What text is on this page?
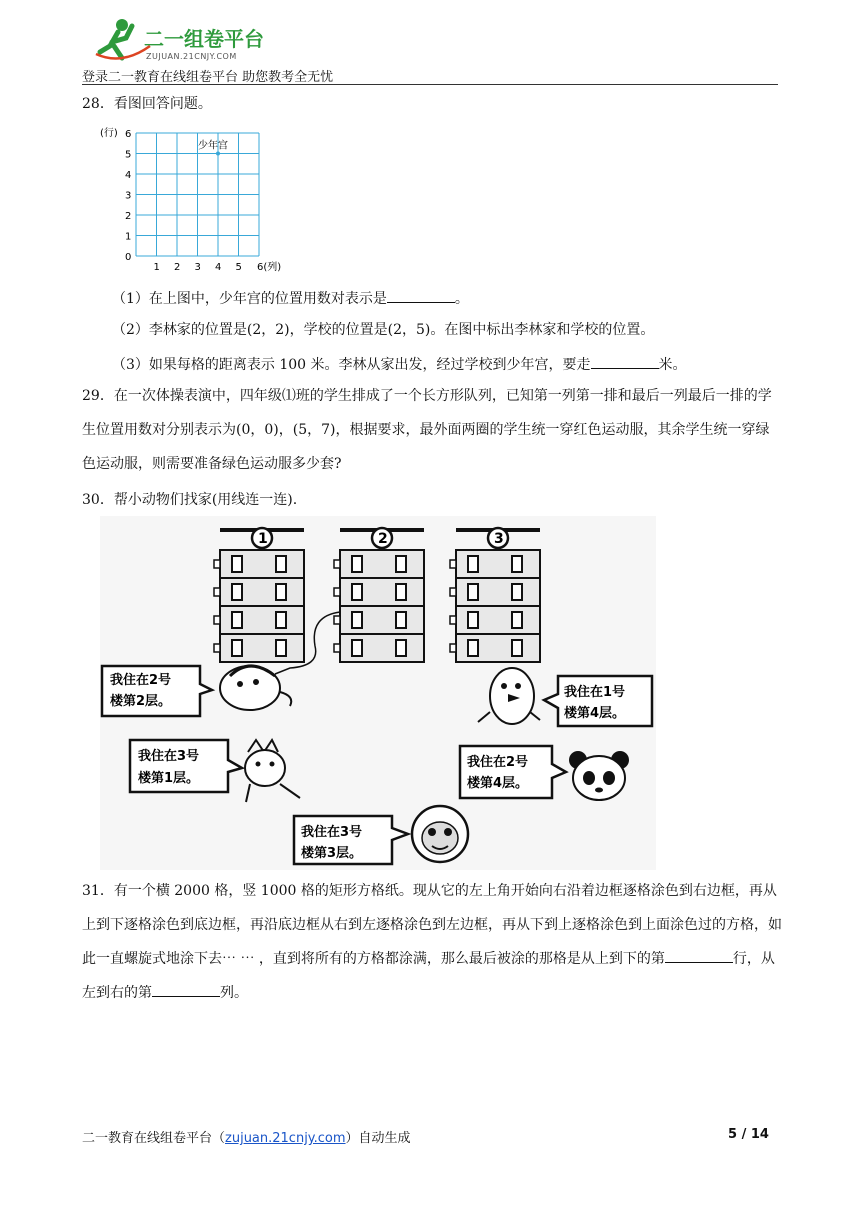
二一组卷平台
ZUJUAN.21CNJY.COM
登录二一教育在线组卷平台 助您教考全无忧
28．看图回答问题。
(行) 6
5
4
3
2
1
0
1 2 3 4 5 6(列)
少年宫
（1）在上图中，少年宫的位置用数对表示是	。
（2）李林家的位置是(2，2)，学校的位置是(2，5)。在图中标出李林家和学校的位置。
（3）如果每格的距离表示 100 米。李林从家出发，经过学校到少年宫，要走	米。
29．在一次体操表演中，四年级⑴班的学生排成了一个长方形队列，已知第一列第一排和最后一列最后一排的学生位置用数对分别表示为(0，0)，(5，7)，根据要求，最外面两圈的学生统一穿红色运动服，其余学生统一穿绿色运动服，则需要准备绿色运动服多少套?
30．帮小动物们找家(用线连一连).
1	2	3
我住在2号
楼第2层。
我住在1号
楼第4层。
我住在3号
楼第1层。
我住在2号
楼第4层。
我住在3号
楼第3层。
31．有一个横 2000 格，竖 1000 格的矩形方格纸。现从它的左上角开始向右沿着边框逐格涂色到右边框，再从上到下逐格涂色到底边框，再沿底边框从右到左逐格涂色到左边框，再从下到上逐格涂色到上面涂色过的方格，如此一直螺旋式地涂下去⋯ ⋯ ，直到将所有的方格都涂满，那么最后被涂的那格是从上到下的第	行，从左到右的第	列。
二一教育在线组卷平台（zujuan.21cnjy.com）自动生成	5 / 14
